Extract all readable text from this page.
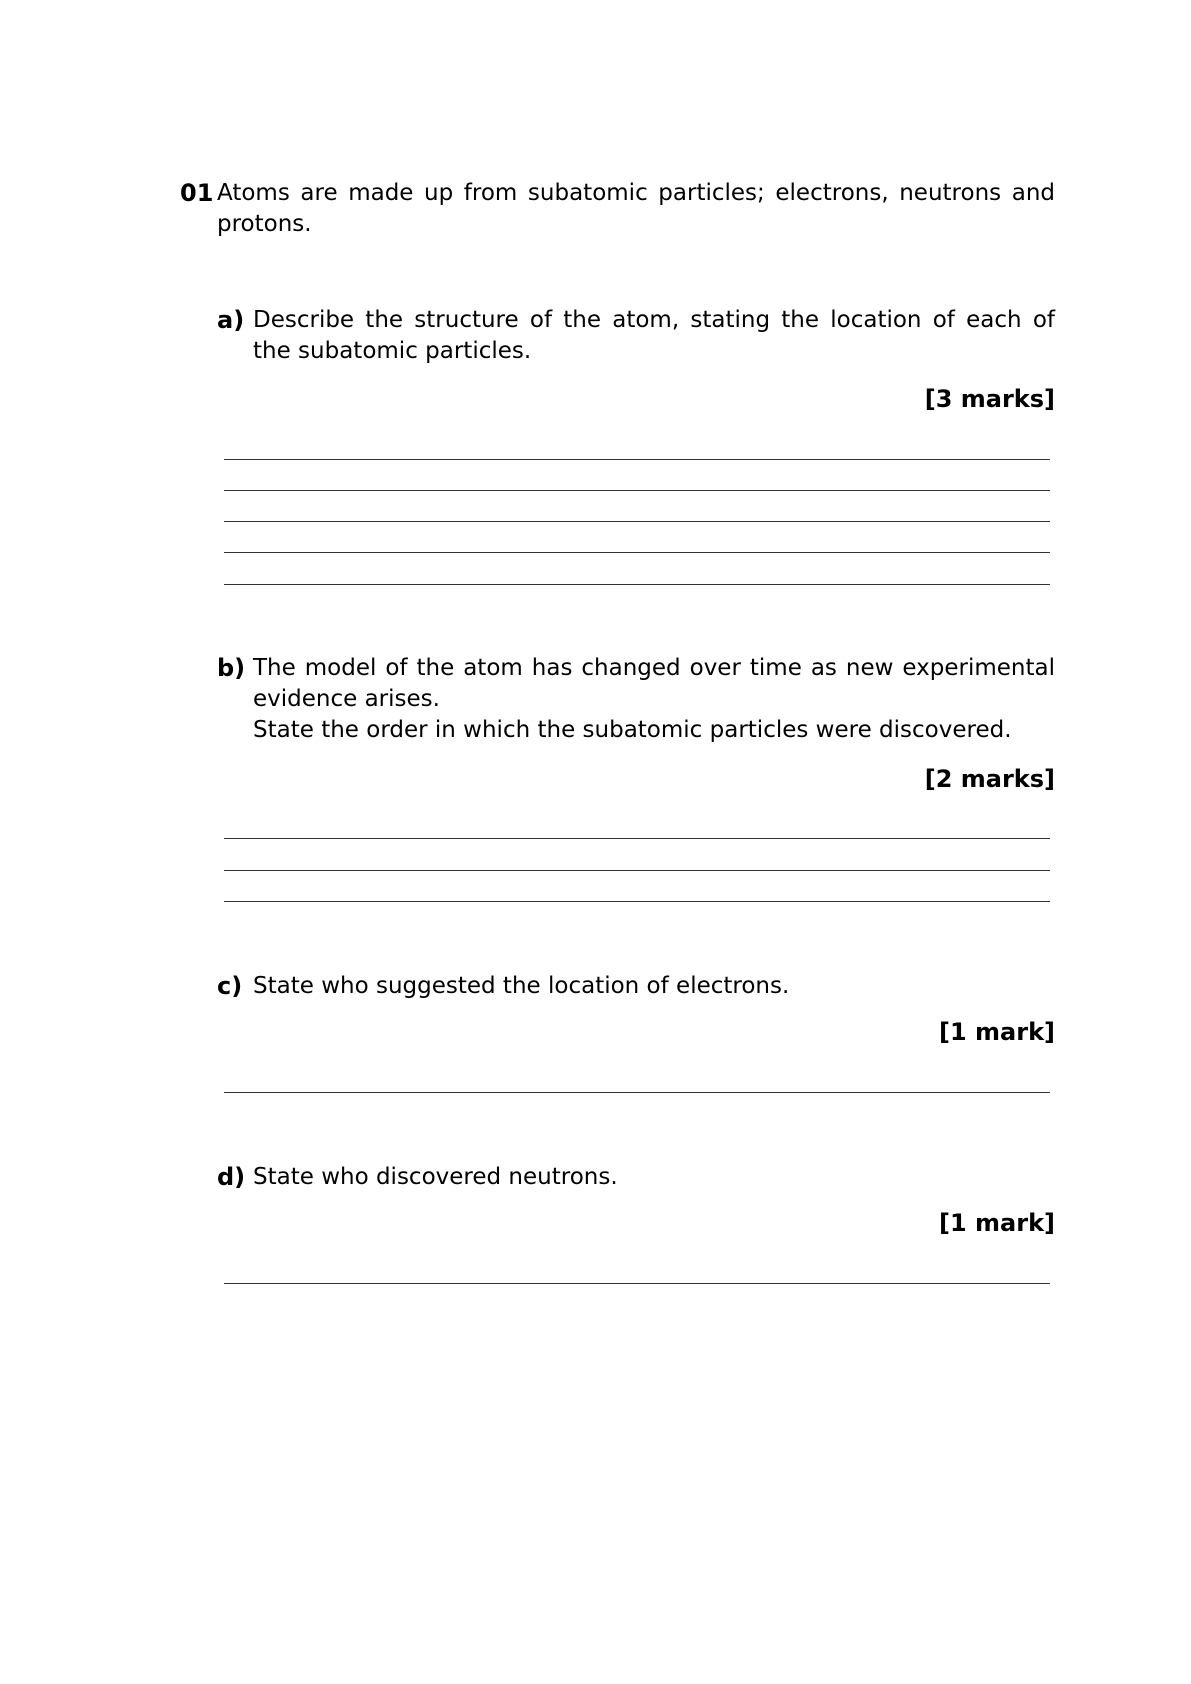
01 Atoms are made up from subatomic particles; electrons, neutrons and protons.
a) Describe the structure of the atom, stating the location of each of the subatomic particles.
[3 marks]
b) The model of the atom has changed over time as new experimental evidence arises.
State the order in which the subatomic particles were discovered.
[2 marks]
c) State who suggested the location of electrons.
[1 mark]
d) State who discovered neutrons.
[1 mark]
